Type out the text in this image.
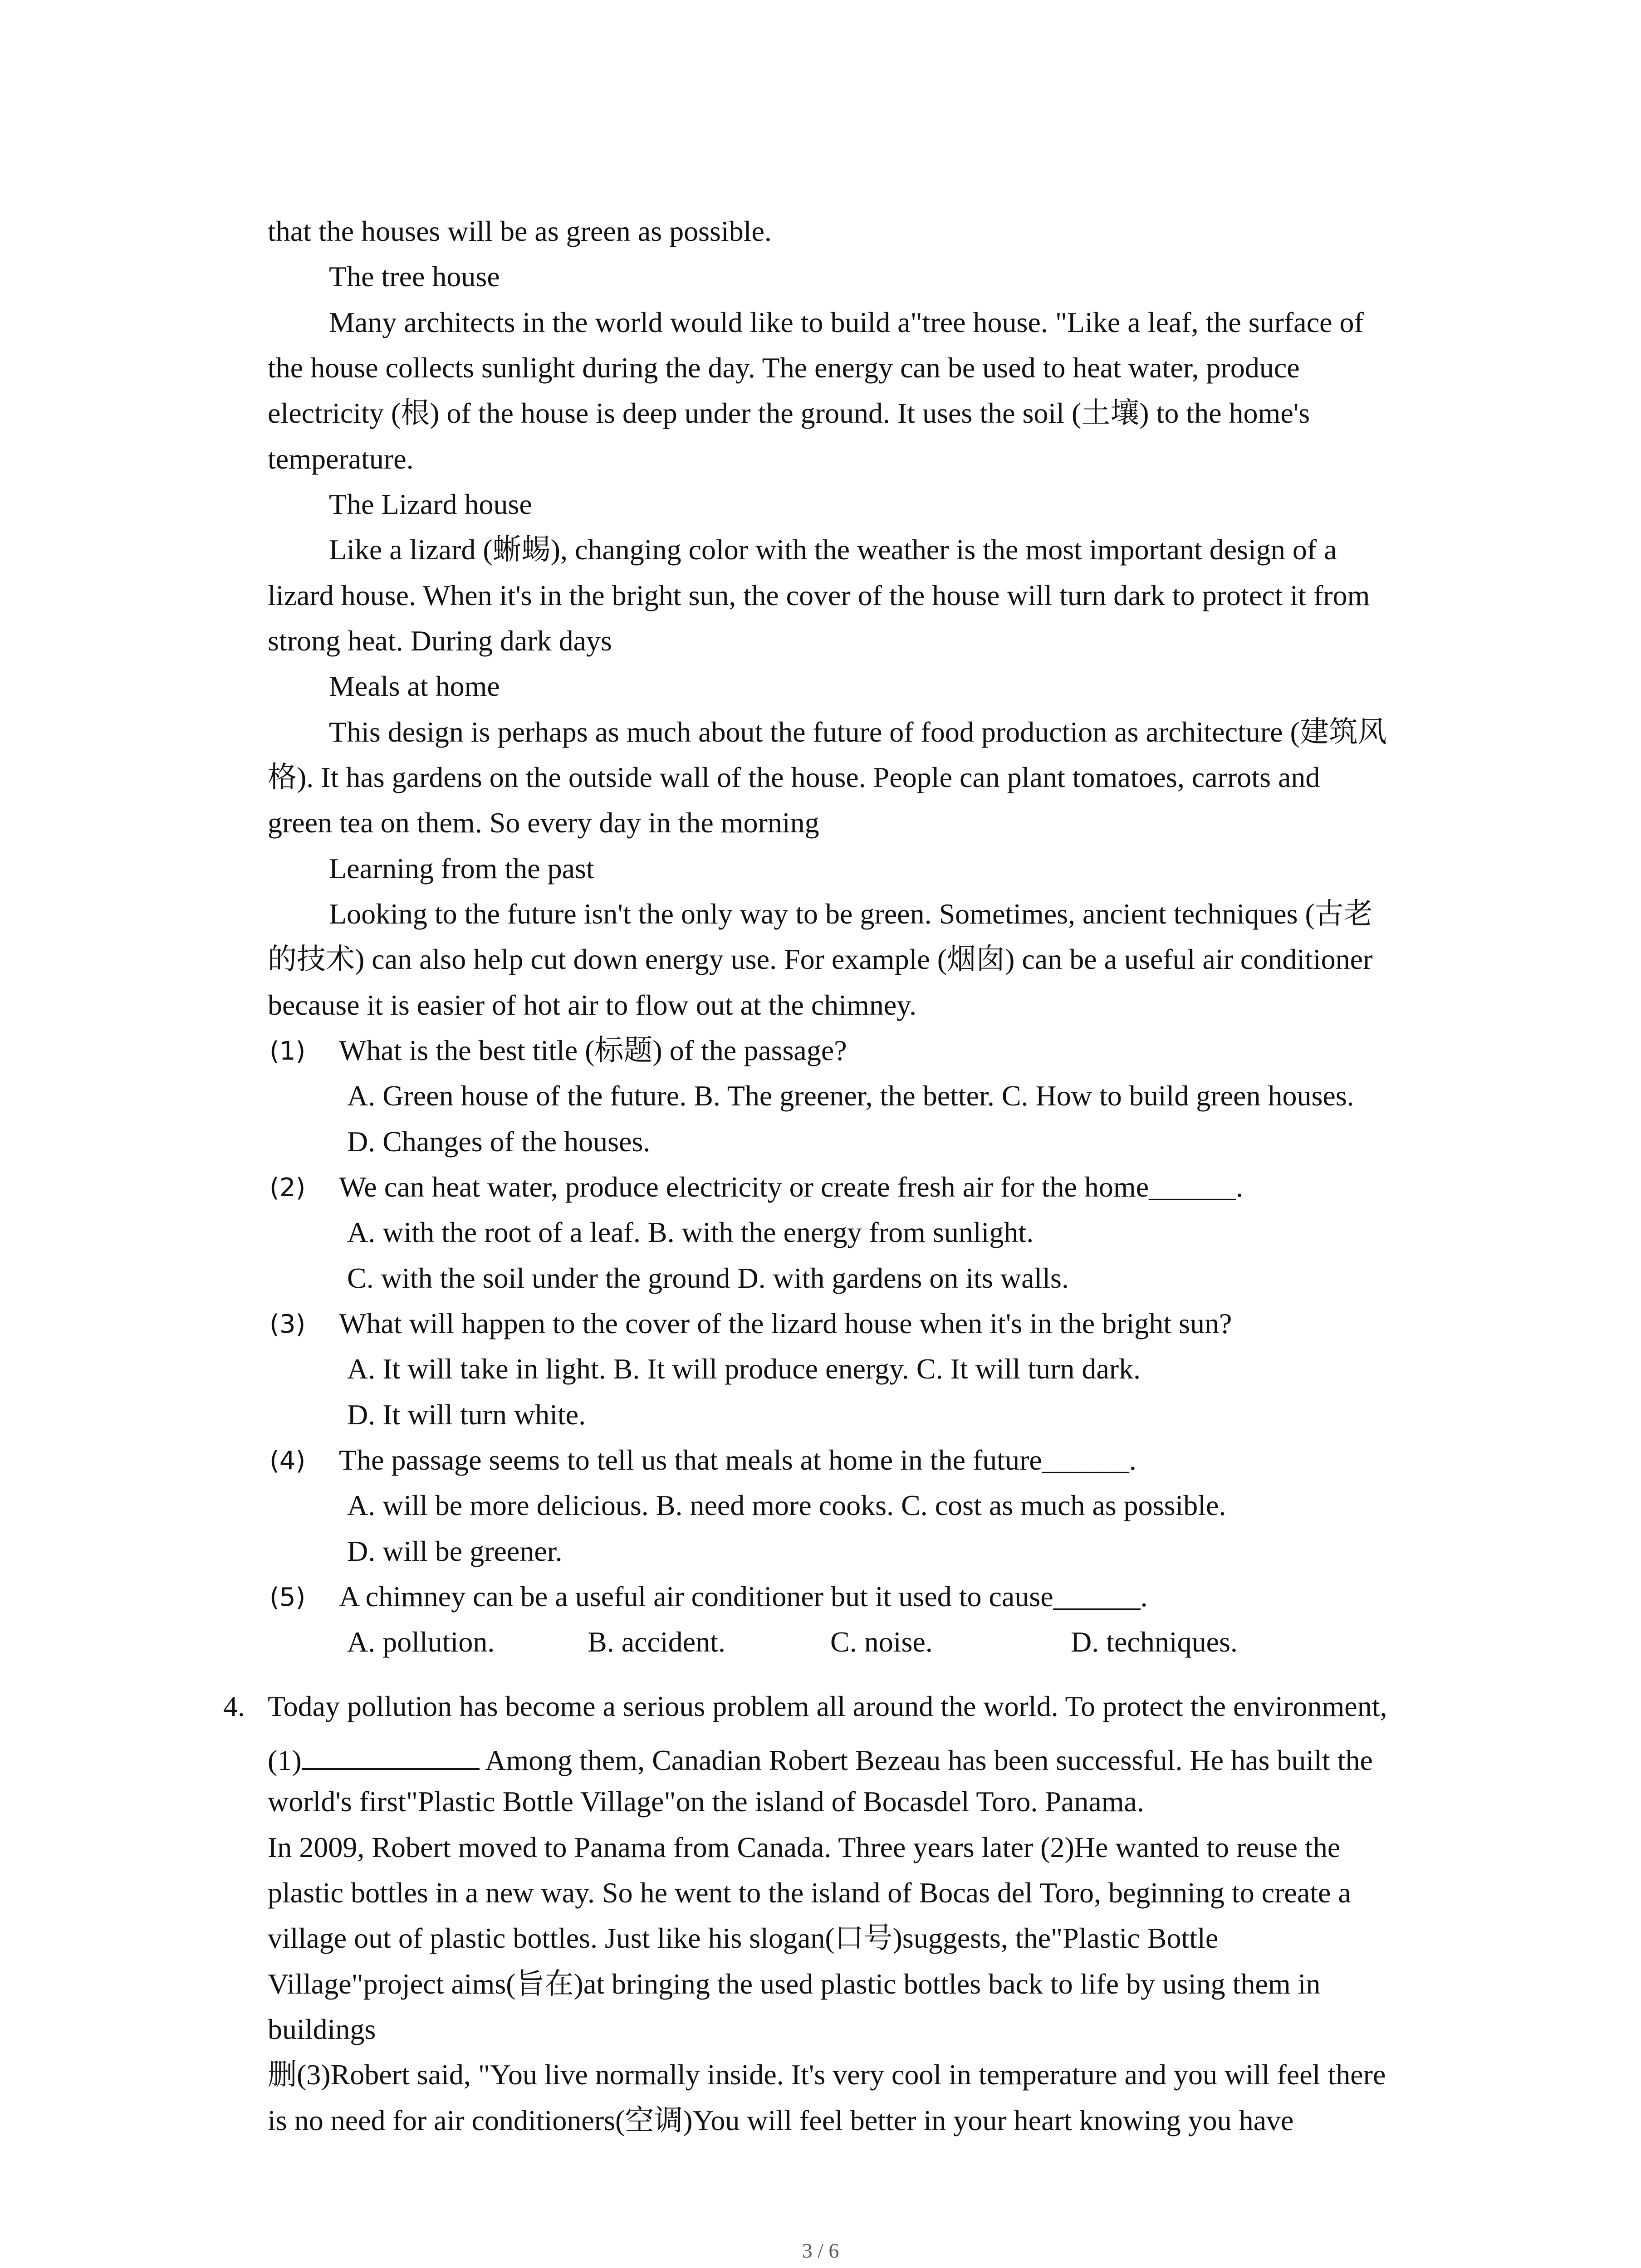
that the houses will be as green as possible.
The tree house
Many architects in the world would like to build a"tree house. "Like a leaf, the surface of
the house collects sunlight during the day. The energy can be used to heat water, produce
electricity (根) of the house is deep under the ground. It uses the soil (土壤) to the home's
temperature.
The Lizard house
Like a lizard (蜥蜴), changing color with the weather is the most important design of a
lizard house. When it's in the bright sun, the cover of the house will turn dark to protect it from
strong heat. During dark days
Meals at home
This design is perhaps as much about the future of food production as architecture (建筑风
格). It has gardens on the outside wall of the house. People can plant tomatoes, carrots and
green tea on them. So every day in the morning
Learning from the past
Looking to the future isn't the only way to be green. Sometimes, ancient techniques (古老
的技术) can also help cut down energy use. For example (烟囱) can be a useful air conditioner
because it is easier of hot air to flow out at the chimney.
(1) What is the best title (标题) of the passage?
A. Green house of the future. B. The greener, the better. C. How to build green houses.
D. Changes of the houses.
(2) We can heat water, produce electricity or create fresh air for the home______.
A. with the root of a leaf. B. with the energy from sunlight.
C. with the soil under the ground D. with gardens on its walls.
(3) What will happen to the cover of the lizard house when it's in the bright sun?
A. It will take in light. B. It will produce energy. C. It will turn dark.
D. It will turn white.
(4) The passage seems to tell us that meals at home in the future______.
A. will be more delicious. B. need more cooks. C. cost as much as possible.
D. will be greener.
(5) A chimney can be a useful air conditioner but it used to cause______.
A. pollution.	B. accident.	C. noise.	D. techniques.
4. Today pollution has become a serious problem all around the world. To protect the environment,
(1)	Among them, Canadian Robert Bezeau has been successful. He has built the
world's first"Plastic Bottle Village"on the island of Bocasdel Toro. Panama.
In 2009, Robert moved to Panama from Canada. Three years later (2)He wanted to reuse the
plastic bottles in a new way. So he went to the island of Bocas del Toro, beginning to create a
village out of plastic bottles. Just like his slogan(口号)suggests, the"Plastic Bottle
Village"project aims(旨在)at bringing the used plastic bottles back to life by using them in
buildings
删(3)Robert said, "You live normally inside. It's very cool in temperature and you will feel there
is no need for air conditioners(空调)You will feel better in your heart knowing you have
3 / 6
